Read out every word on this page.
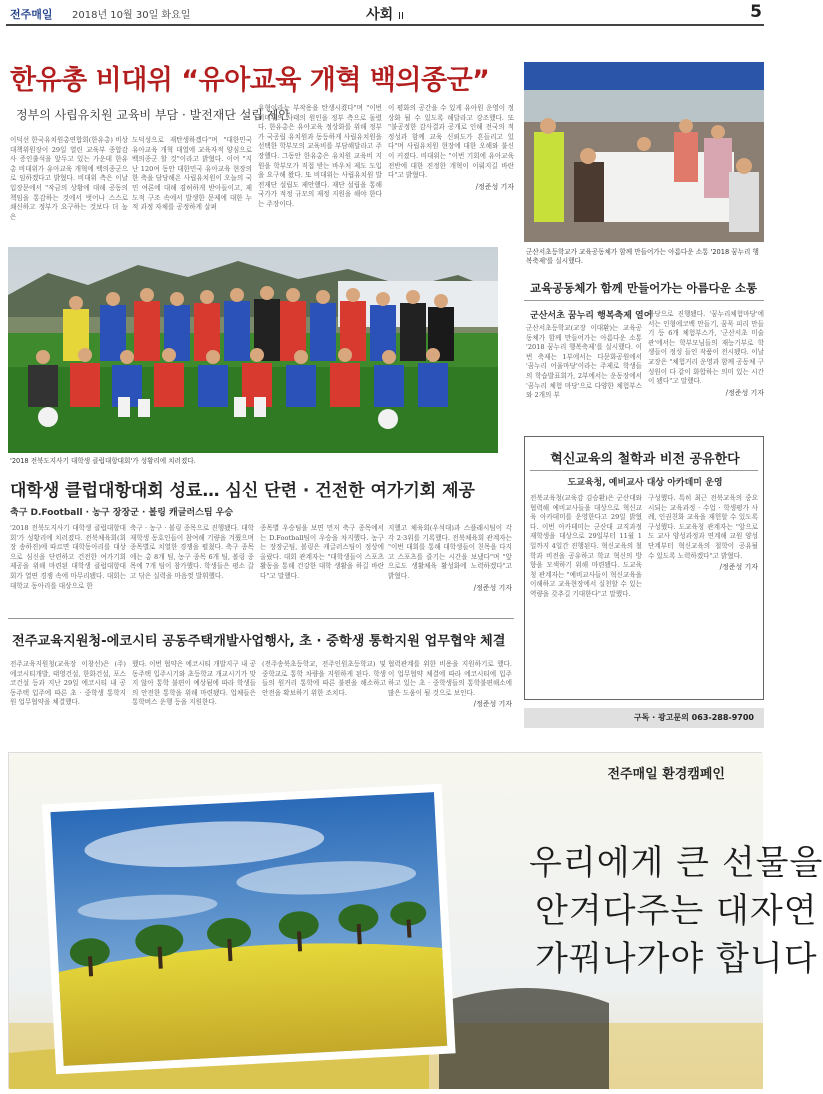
전주매일 2018년 10월 30일 화요일	사회 II	5
한유총 비대위 “유아교육 개혁 백의종군”
정부의 사립유치원 교육비 부담 · 발전재단 설립 제안
이덕선 한국유치원총연합회(한유총) 비상대책위원장이 29일 열린 교육부 종합감사 증인출석을 앞두고 있는 가운데 한유총 비대위가 유아교육 개혁에 백의종군으로 임하겠다고 밝혔다. 비대위 측은 이날 입장문에서 "작금의 상황에 대해 공동의 책임을 통감하는 것에서 벗어나 스스로 쇄신하고 정부가 요구하는 것보다 더 높은
도덕성으로 재탄생하겠다"며 "대한민국 유아교육 개혁 대열에 교육자적 양심으로 백의종군 할 것"이라고 밝혔다. 이어 "지난 120여 동안 대한민국 유아교육 현장의 한 축을 담당해온 사립유치원이 오늘의 국민 여론에 대해 겸허하게 받아들이고, 제도적 구조 속에서 발생한 문제에 대한 누적 과정 자체를 공정하게 살펴
유형이라는 부작용을 탄생시켰다"며 "이번 비대위의 사태의 원인을 정부 측으로 돌렸다. 한유총은 유아교육 정상화를 위해 정부가 국공립 유치원과 동등하게 사립유치원을 선택한 학부모의 교육비를 부담해달라고 주장했다. 그동안 한유총은 유치원 교육비 지원을 학부모가 직접 받는 바우처 제도 도입을 요구해 왔다. 또 비대위는 사립유치원 발전재단 설립도 제안했다. 재단 설립을 통해 국가가 적정 규모의 재정 지원을 해야 한다는 주장이다.
이 평화의 공간을 수 있게 유아원 운영이 정상화 될 수 있도록 해달라고 강조했다. 또 "불공정한 감사결과 공개로 인해 전국의 적정성과 함께 교육 신뢰도가 흔들리고 있다"며 사립유치원 현장에 대한 오해와 불신이 커졌다. 비대위는 "이번 기회에 유아교육 전반에 대한 진정한 개혁이 이뤄지길 바란다"고 밝혔다.
/정준성 기자
'2018 전북도지사기 대학생 클럽대항대회'가 성황리에 치러졌다.
대학생 클럽대항대회 성료… 심신 단련 · 건전한 여가기회 제공
축구 D.Football · 농구 장장군 · 볼링 캐글러스팀 우승
'2018 전북도지사기 대학생 클럽대항대회'가 성황리에 치러졌다. 전북체육회(회장 송하진)에 따르면 대학동아리를 대상으로 심신을 단련하고 건전한 여가기회 제공을 위해 마련된 대학생 클럽대항대회가 열띤 경쟁 속에 마무리됐다. 대회는 대학교 동아리를 대상으로 한
축구 · 농구 · 볼링 종목으로 진행됐다. 대학 재학생 동호인들이 참여해 기량을 겨뤘으며 종목별로 치열한 경쟁을 펼쳤다. 축구 종목에는 총 8개 팀, 농구 종목 6개 팀, 볼링 종목에 7개 팀이 참가했다. 학생들은 평소 갈고 닦은 실력을 마음껏 발휘했다.
종목별 우승팀을 보면 먼저 축구 종목에서는 D.Football팀이 우승을 차지했다. 농구는 장장군팀, 볼링은 캐글러스팀이 정상에 올랐다. 대회 관계자는 "대학생들이 스포츠 활동을 통해 건강한 대학 생활을 하길 바란다"고 말했다.
지했고 체육회(우석대)과 스플래시팀이 각각 2·3위를 기록했다. 전북체육회 관계자는 "이번 대회를 통해 대학생들이 친목을 다지고 스포츠를 즐기는 시간을 보냈다"며 "앞으로도 생활체육 활성화에 노력하겠다"고 밝혔다.
/정준성 기자
전주교육지원청-에코시티 공동주택개발사업행사, 초 · 중학생 통학지원 업무협약 체결
전주교육지원청(교육장 이창선)은 (주)에코시티개발, 태영건설, 한화건설, 포스코건설 등과 지난 29일 에코시티 내 공동주택 입주에 따른 초 · 중학생 통학지원 업무협약을 체결했다.
했다. 이번 협약은 에코시티 개발지구 내 공동주택 입주시기와 초등학교 개교시기가 맞지 않아 통학 불편이 예상됨에 따라 학생들의 안전한 통학을 위해 마련됐다. 업체들은 통학버스 운행 등을 지원한다.
(전주송북초등학교, 전주인원초등학교) 및 중학교로 통학 차량을 지원하게 된다. 학생들의 원거리 통학에 따른 불편을 해소하고 안전을 확보하기 위한 조치다.
협력관계를 위한 비용을 지원하기로 했다. 이 업무협약 체결에 따라 에코시티에 입주하고 있는 초 · 중학생들의 통학불편해소에 많은 도움이 될 것으로 보인다.
/정준성 기자
군산서초등학교가 교육공동체가 함께 만들어가는 아름다운 소통 '2018 꿈누리 행복축제'를 실시했다.
교육공동체가 함께 만들어가는 아름다운 소통
군산서초 꿈누리 행복축제 열어
군산서초등학교(교장 이대환)는 교육공동체가 함께 만들어가는 아름다운 소통 '2018 꿈누리 행복축제'를 실시했다. 이번 축제는 1부에서는 다문화공원에서 '꿈누리 어울마당'이라는 주제로 학생들의 학습발표회가, 2부에서는 운동장에서 '꿈누리 체험 마당'으로 다양한 체험부스와 2개의 부
마당으로 진행됐다. '꿈누리체험마당'에서는 인형에코백 만들기, 꿈묵 피리 만들기 등 6개 체험부스가, '군산서초 미술관'에서는 학부모님들의 재능기부로 학생들이 정성 들인 작품이 전시됐다. 이날 교장은 "체험거리 운영과 함께 공동체 구성원이 다 같이 화합하는 의미 있는 시간이 됐다"고 말했다.
/정준성 기자
혁신교육의 철학과 비전 공유한다
도교육청, 예비교사 대상 아카데미 운영
전북교육청(교육감 김승환)은 군산대와 협력해 예비교사들을 대상으로 혁신교육 아카데미를 운영한다고 29일 밝혔다. 이번 아카데미는 군산대 교직과정 재학생을 대상으로 29일부터 11월 1일까지 4일간 진행된다. 혁신교육의 철학과 비전을 공유하고 학교 혁신의 방향을 모색하기 위해 마련됐다. 도교육청 관계자는 "예비교사들이 혁신교육을 이해하고 교육현장에서 실천할 수 있는 역량을 갖추길 기대한다"고 말했다.
구성했다. 특히 최근 전북교육의 중요시되는 교육과정 · 수업 · 학생평가 사례, 인권친화 교육을 재헌할 수 있도록 구성했다. 도교육청 관계자는 "앞으로도 교사 양성과정과 연계해 교원 양성 단계부터 혁신교육의 철학이 공유될 수 있도록 노력하겠다"고 밝혔다.
/정준성 기자
구독 · 광고문의 063-288-9700
전주매일 환경캠페인
우리에게 큰 선물을
안겨다주는 대자연
가꿔나가야 합니다
